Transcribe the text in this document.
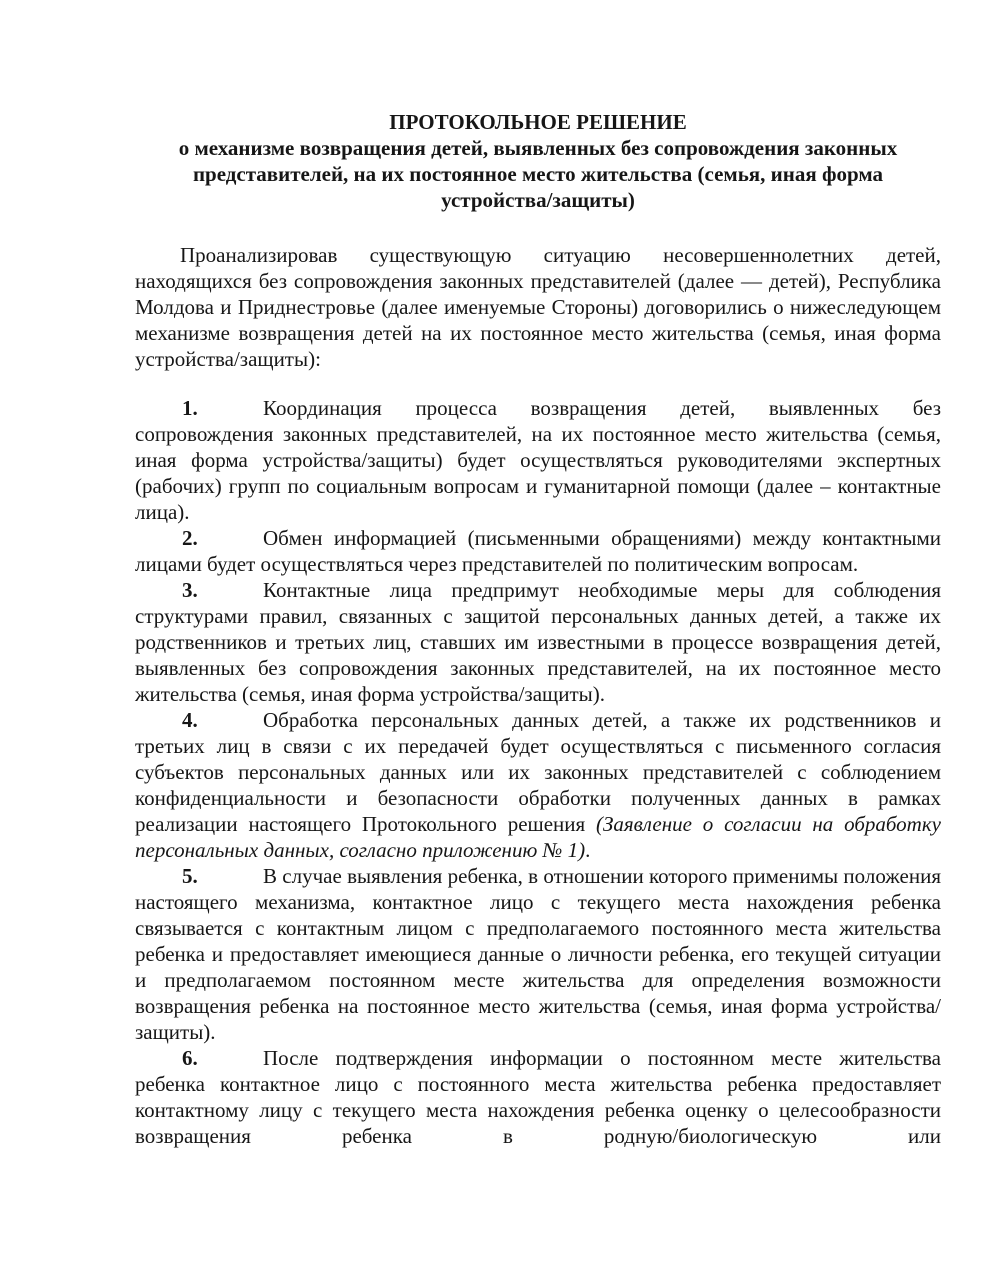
ПРОТОКОЛЬНОЕ РЕШЕНИЕ

о механизме возвращения детей, выявленных без сопровождения законных представителей, на их постоянное место жительства (семья, иная форма устройства/защиты)

Проанализировав существующую ситуацию несовершеннолетних детей, находящихся без сопровождения законных представителей (далее — детей), Республика Молдова и Приднестровье (далее именуемые Стороны) договорились о нижеследующем механизме возвращения детей на их постоянное место жительства (семья, иная форма устройства/защиты):

1.	Координация процесса возвращения детей, выявленных без сопровождения законных представителей, на их постоянное место жительства (семья, иная форма устройства/защиты) будет осуществляться руководителями экспертных (рабочих) групп по социальным вопросам и гуманитарной помощи (далее – контактные лица).

2.	Обмен информацией (письменными обращениями) между контактными лицами будет осуществляться через представителей по политическим вопросам.

3.	Контактные лица предпримут необходимые меры для соблюдения структурами правил, связанных с защитой персональных данных детей, а также их родственников и третьих лиц, ставших им известными в процессе возвращения детей, выявленных без сопровождения законных представителей, на их постоянное место жительства (семья, иная форма устройства/защиты).

4.	Обработка персональных данных детей, а также их родственников и третьих лиц в связи с их передачей будет осуществляться с письменного согласия субъектов персональных данных или их законных представителей с соблюдением конфиденциальности и безопасности обработки полученных данных в рамках реализации настоящего Протокольного решения (Заявление о согласии на обработку персональных данных, согласно приложению № 1).

5.	В случае выявления ребенка, в отношении которого применимы положения настоящего механизма, контактное лицо с текущего места нахождения ребенка связывается с контактным лицом с предполагаемого постоянного места жительства ребенка и предоставляет имеющиеся данные о личности ребенка, его текущей ситуации и предполагаемом постоянном месте жительства для определения возможности возвращения ребенка на постоянное место жительства (семья, иная форма устройства/защиты).

6.	После подтверждения информации о постоянном месте жительства ребенка контактное лицо с постоянного места жительства ребенка предоставляет контактному лицу с текущего места нахождения ребенка оценку о целесообразности возвращения ребенка в родную/биологическую или
